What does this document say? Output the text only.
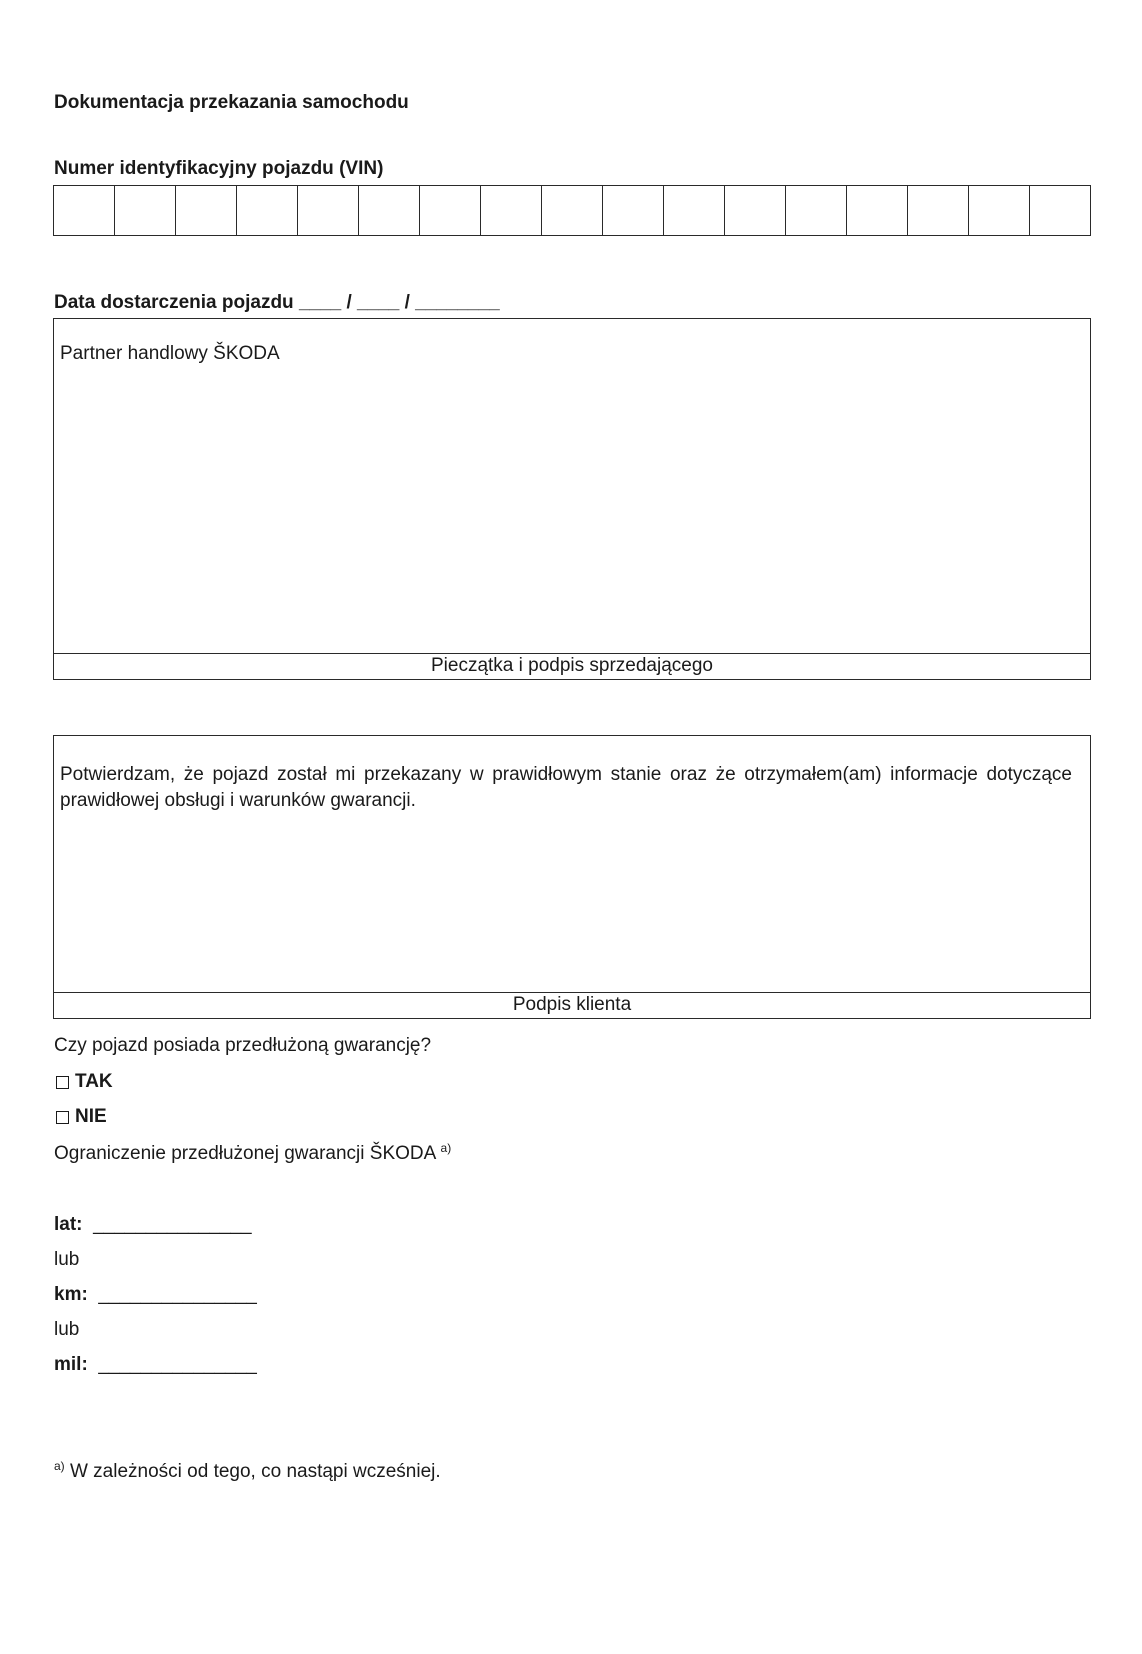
Dokumentacja przekazania samochodu
Numer identyfikacyjny pojazdu (VIN)
Data dostarczenia pojazdu ____ / ____ / ________
Partner handlowy ŠKODA
Pieczątka i podpis sprzedającego
Potwierdzam, że pojazd został mi przekazany w prawidłowym stanie oraz że otrzymałem(am) informacje dotyczące prawidłowej obsługi i warunków gwarancji.
Podpis klienta
Czy pojazd posiada przedłużoną gwarancję?
TAK
NIE
Ograniczenie przedłużonej gwarancji ŠKODA $^{a)}$
lat: _______________
lub
km: _______________
lub
mil: _______________
$^{a)}$ W zależności od tego, co nastąpi wcześniej.
